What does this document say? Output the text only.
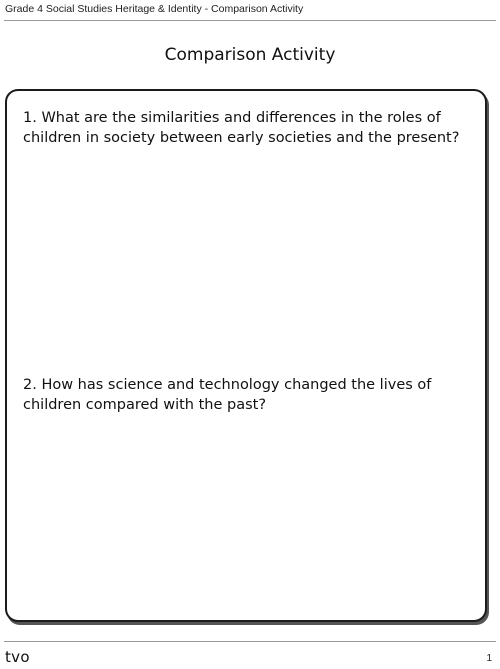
Grade 4 Social Studies Heritage & Identity - Comparison Activity
Comparison Activity
1. What are the similarities and differences in the roles of children in society between early societies and the present?
2. How has science and technology changed the lives of children compared with the past?
tvo	1
